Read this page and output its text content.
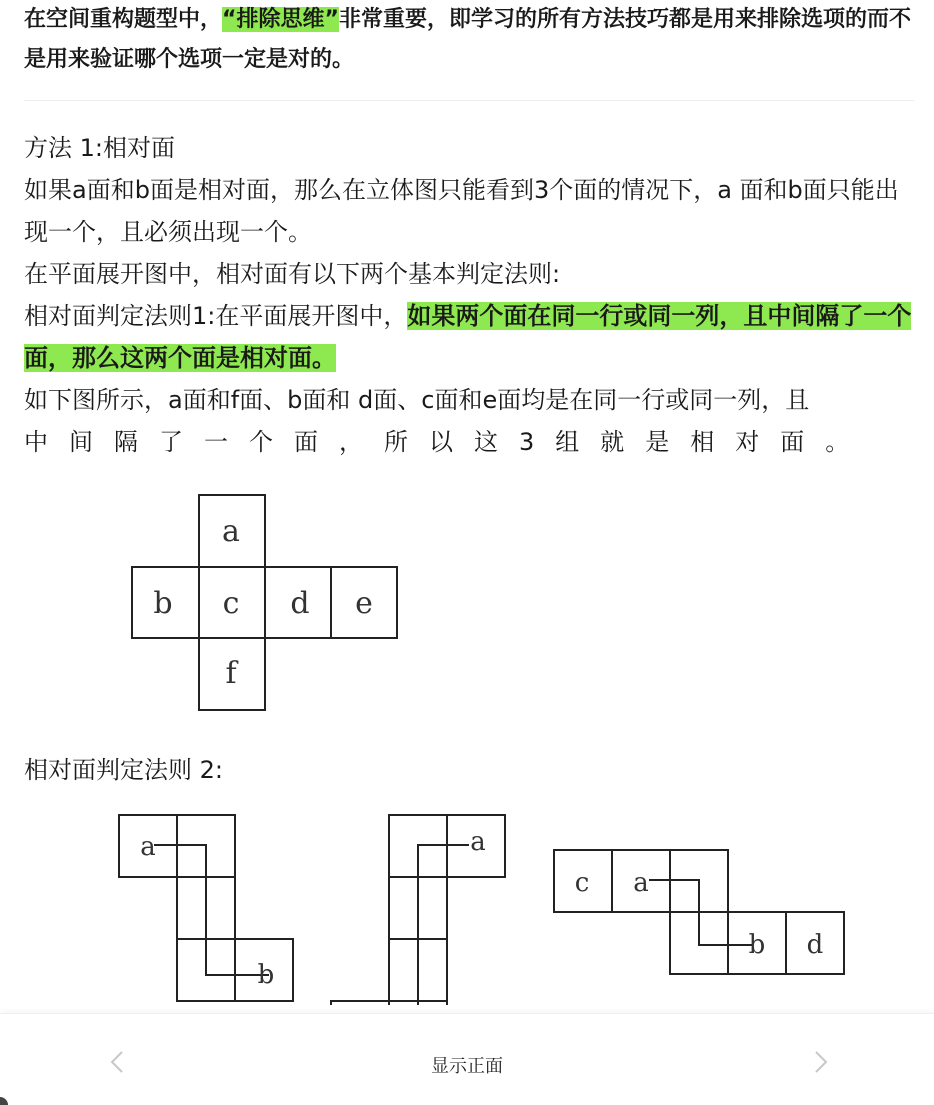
在空间重构题型中，“排除思维”非常重要，即学习的所有方法技巧都是用来排除选项的而不是用来验证哪个选项一定是对的。

方法 1:相对面

如果a面和b面是相对面，那么在立体图只能看到3个面的情况下，a 面和b面只能出现一个，且必须出现一个。

在平面展开图中，相对面有以下两个基本判定法则:

相对面判定法则1:在平面展开图中，如果两个面在同一行或同一列，且中间隔了一个面，那么这两个面是相对面。

如下图所示，a面和f面、b面和 d面、c面和e面均是在同一行或同一列，且
中间隔了一个面，所以这3组就是相对面。

a
b c d e
f

相对面判定法则 2:

a
b
a
c a
b d
显示正面
